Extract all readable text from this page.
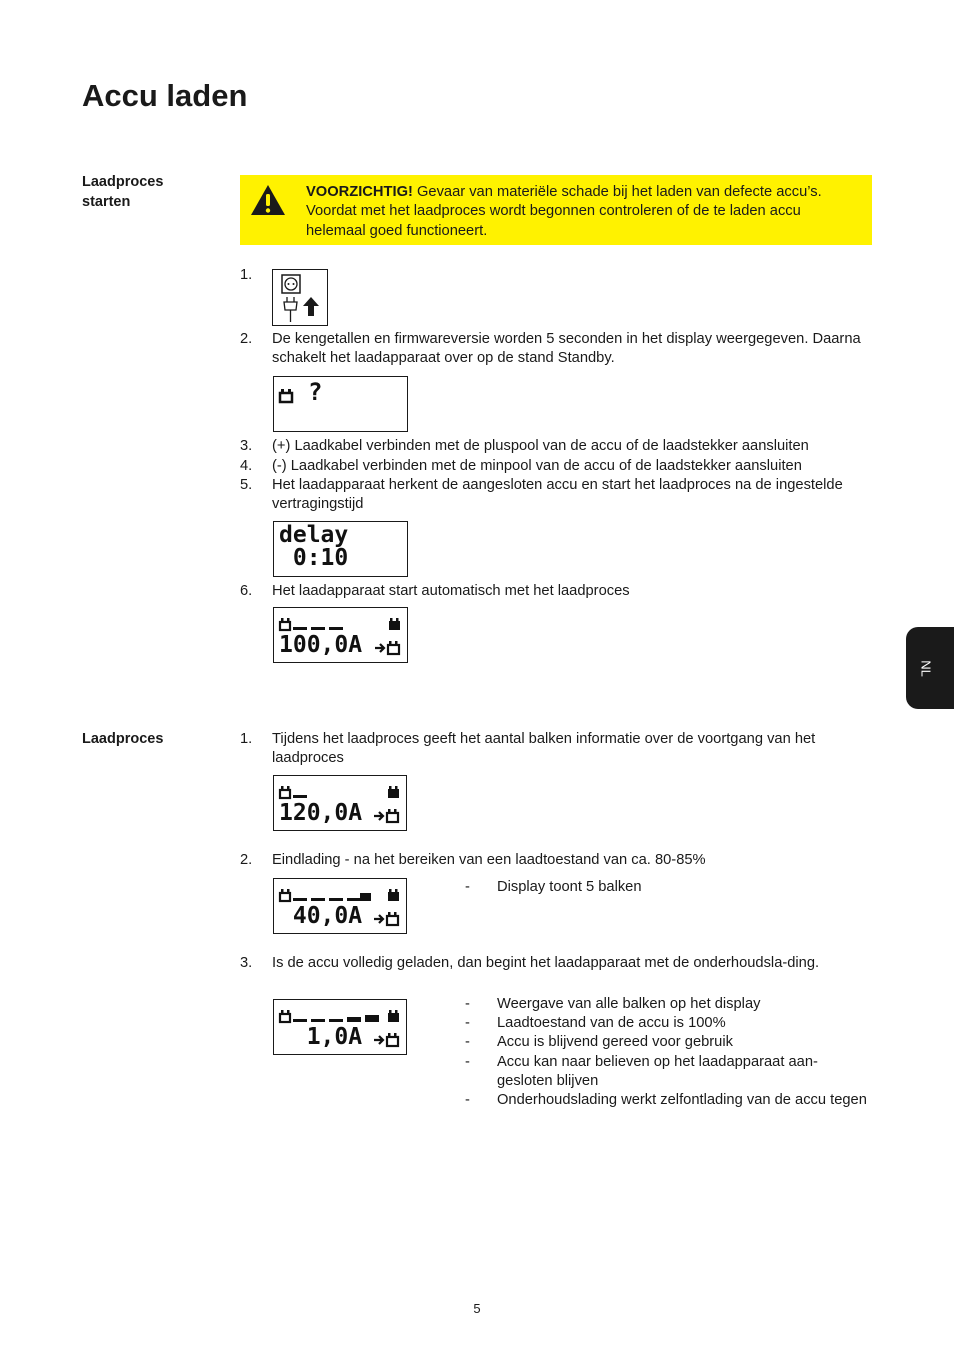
Accu laden
Laadproces
starten
VOORZICHTIG! Gevaar van materiële schade bij het laden van defecte accu’s. Voordat met het laadproces wordt begonnen controleren of de te laden accu helemaal goed functioneert.
1.
2. De kengetallen en firmwareversie worden 5 seconden in het display weergegeven. Daarna schakelt het laadapparaat over op de stand Standby.
?
3. (+) Laadkabel verbinden met de pluspool van de accu of de laadstekker aansluiten
4. (-) Laadkabel verbinden met de minpool van de accu of de laadstekker aansluiten
5. Het laadapparaat herkent de aangesloten accu en start het laadproces na de ingestelde vertragingstijd
delay
0:10
6. Het laadapparaat start automatisch met het laadproces
100,0A
Laadproces	1. Tijdens het laadproces geeft het aantal balken informatie over de voortgang van het laadproces
120,0A
2. Eindlading - na het bereiken van een laadtoestand van ca. 80-85%
40,0A
-	Display toont 5 balken
3. Is de accu volledig geladen, dan begint het laadapparaat met de onderhoudsla-ding.
1,0A
-	Weergave van alle balken op het display
-	Laadtoestand van de accu is 100%
-	Accu is blijvend gereed voor gebruik
-	Accu kan naar believen op het laadapparaat aan-gesloten blijven
-	Onderhoudslading werkt zelfontlading van de accu tegen
NL
5
